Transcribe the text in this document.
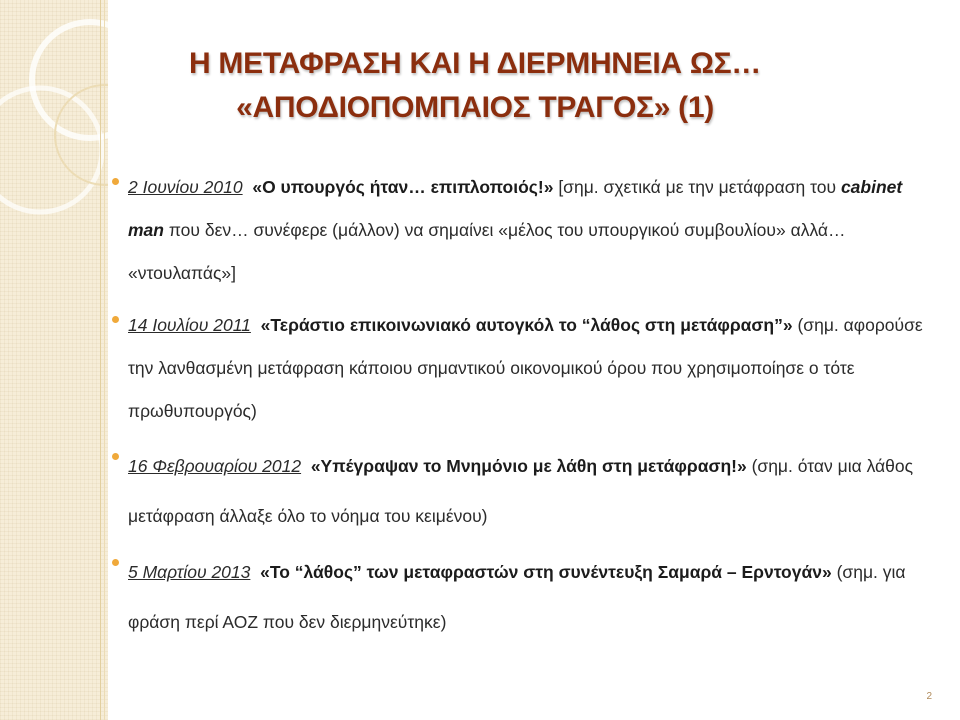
Η ΜΕΤΑΦΡΑΣΗ ΚΑΙ Η ΔΙΕΡΜΗΝΕΙΑ ΩΣ…
«ΑΠΟΔΙΟΠΟΜΠΑΙΟΣ ΤΡΑΓΟΣ» (1)
2 Ιουνίου 2010 «Ο υπουργός ήταν… επιπλοποιός!» [σημ. σχετικά με την μετάφραση του cabinet man που δεν… συνέφερε (μάλλον) να σημαίνει «μέλος του υπουργικού συμβουλίου» αλλά… «ντουλαπάς»]
14 Ιουλίου 2011 «Τεράστιο επικοινωνιακό αυτογκόλ το “λάθος στη μετάφραση”» (σημ. αφορούσε την λανθασμένη μετάφραση κάποιου σημαντικού οικονομικού όρου που χρησιμοποίησε ο τότε πρωθυπουργός)
16 Φεβρουαρίου 2012 «Υπέγραψαν το Μνημόνιο με λάθη στη μετάφραση!» (σημ. όταν μια λάθος μετάφραση άλλαξε όλο το νόημα του κειμένου)
5 Μαρτίου 2013 «Το “λάθος” των μεταφραστών στη συνέντευξη Σαμαρά – Ερντογάν» (σημ. για φράση περί ΑΟΖ που δεν διερμηνεύτηκε)
2
